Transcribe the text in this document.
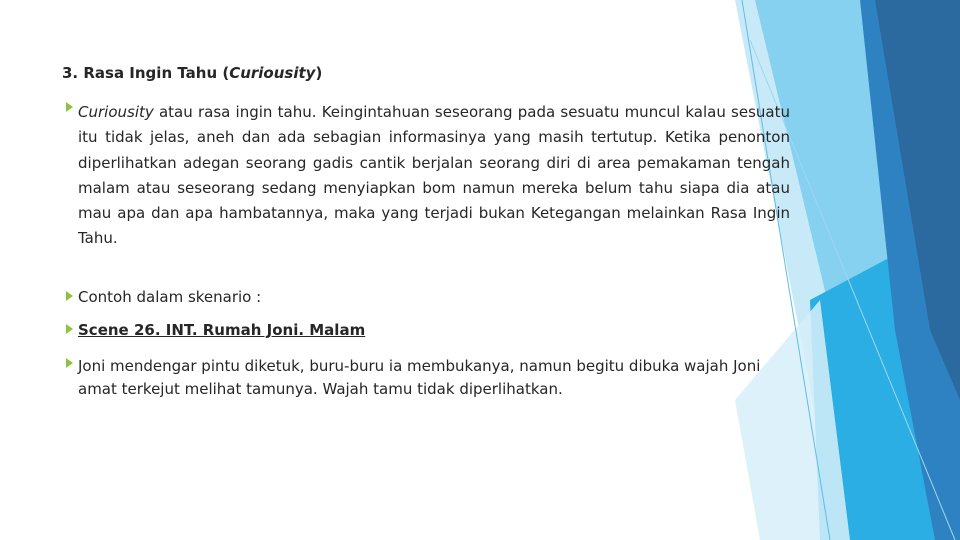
3. Rasa Ingin Tahu (Curiousity)
Curiousity atau rasa ingin tahu. Keingintahuan seseorang pada sesuatu muncul kalau sesuatu itu tidak jelas, aneh dan ada sebagian informasinya yang masih tertutup. Ketika penonton diperlihatkan adegan seorang gadis cantik berjalan seorang diri di area pemakaman tengah malam atau seseorang sedang menyiapkan bom namun mereka belum tahu siapa dia atau mau apa dan apa hambatannya, maka yang terjadi bukan Ketegangan melainkan Rasa Ingin Tahu.
Contoh dalam skenario :
Scene 26. INT. Rumah Joni. Malam
Joni mendengar pintu diketuk, buru-buru ia membukanya, namun begitu dibuka wajah Joni amat terkejut melihat tamunya. Wajah tamu tidak diperlihatkan.
